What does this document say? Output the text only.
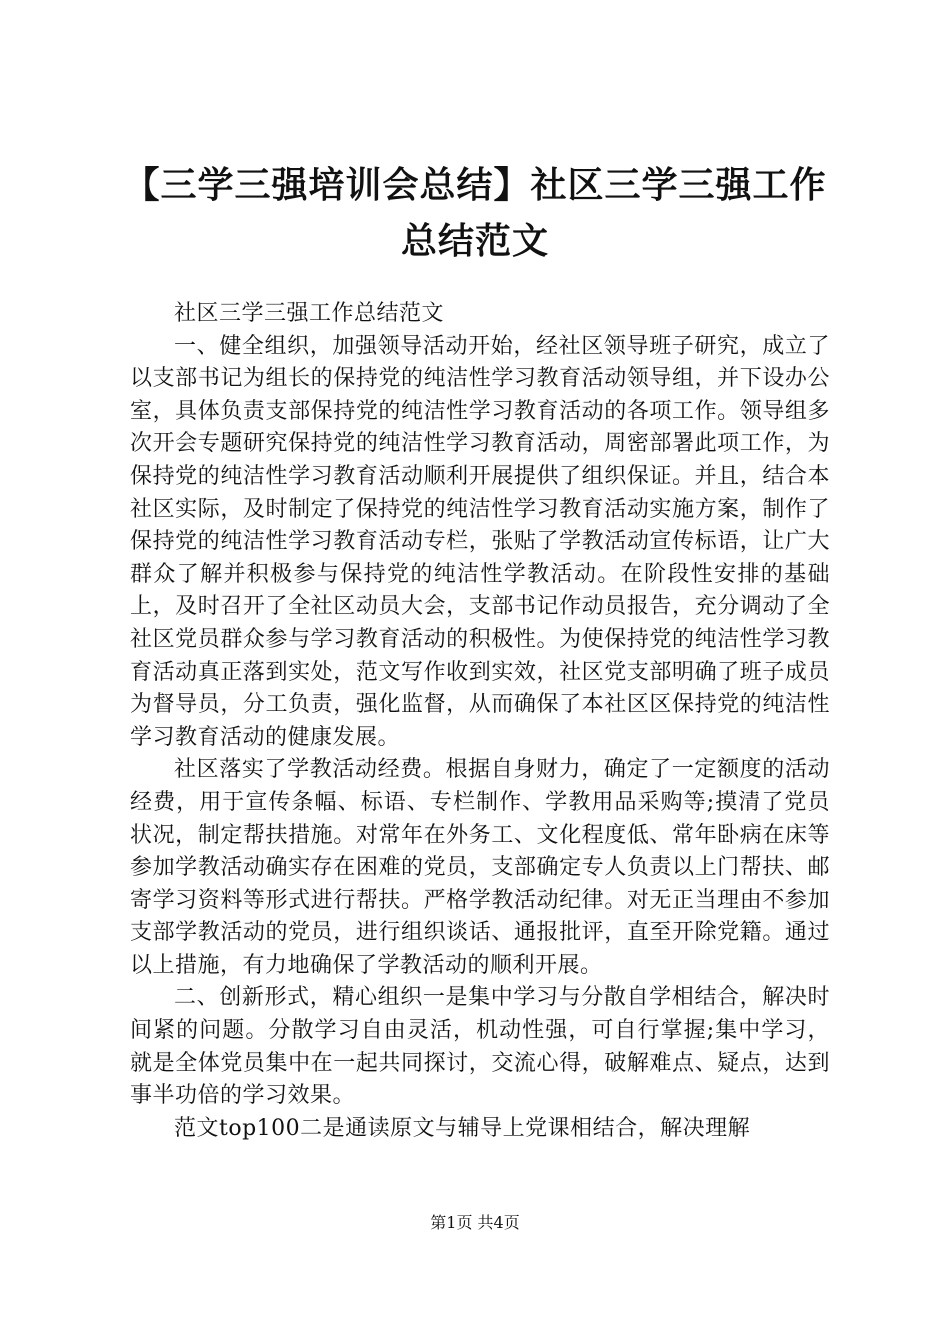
【三学三强培训会总结】社区三学三强工作总结范文

社区三学三强工作总结范文

一、健全组织，加强领导活动开始，经社区领导班子研究，成立了以支部书记为组长的保持党的纯洁性学习教育活动领导组，并下设办公室，具体负责支部保持党的纯洁性学习教育活动的各项工作。领导组多次开会专题研究保持党的纯洁性学习教育活动，周密部署此项工作，为保持党的纯洁性学习教育活动顺利开展提供了组织保证。并且，结合本社区实际，及时制定了保持党的纯洁性学习教育活动实施方案，制作了保持党的纯洁性学习教育活动专栏，张贴了学教活动宣传标语，让广大群众了解并积极参与保持党的纯洁性学教活动。在阶段性安排的基础上，及时召开了全社区动员大会，支部书记作动员报告，充分调动了全社区党员群众参与学习教育活动的积极性。为使保持党的纯洁性学习教育活动真正落到实处，范文写作收到实效，社区党支部明确了班子成员为督导员，分工负责，强化监督，从而确保了本社区区保持党的纯洁性学习教育活动的健康发展。

社区落实了学教活动经费。根据自身财力，确定了一定额度的活动经费，用于宣传条幅、标语、专栏制作、学教用品采购等;摸清了党员状况，制定帮扶措施。对常年在外务工、文化程度低、常年卧病在床等参加学教活动确实存在困难的党员，支部确定专人负责以上门帮扶、邮寄学习资料等形式进行帮扶。严格学教活动纪律。对无正当理由不参加支部学教活动的党员，进行组织谈话、通报批评，直至开除党籍。通过以上措施，有力地确保了学教活动的顺利开展。

二、创新形式，精心组织一是集中学习与分散自学相结合，解决时间紧的问题。分散学习自由灵活，机动性强，可自行掌握;集中学习，就是全体党员集中在一起共同探讨，交流心得，破解难点、疑点，达到事半功倍的学习效果。

范文top100二是通读原文与辅导上党课相结合，解决理解

第1页 共4页
